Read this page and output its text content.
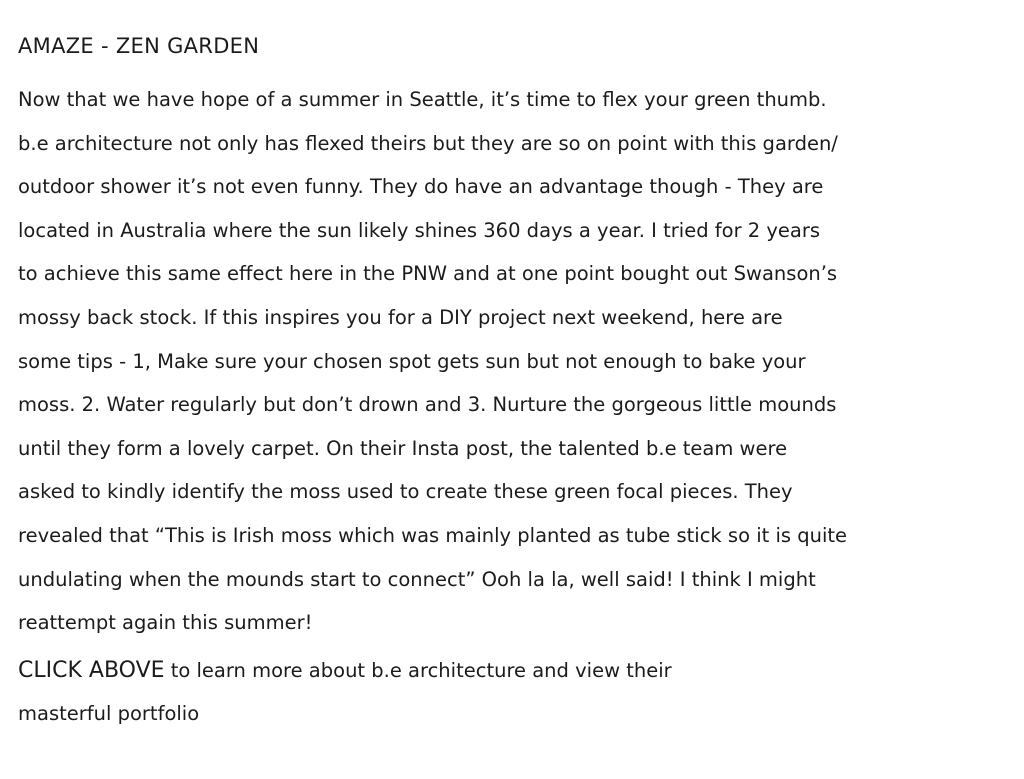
AMAZE - ZEN GARDEN

Now that we have hope of a summer in Seattle, it’s time to flex your green thumb.
b.e architecture not only has flexed theirs but they are so on point with this garden/
outdoor shower it’s not even funny. They do have an advantage though - They are
located in Australia where the sun likely shines 360 days a year. I tried for 2 years
to achieve this same effect here in the PNW and at one point bought out Swanson’s
mossy back stock. If this inspires you for a DIY project next weekend, here are
some tips - 1, Make sure your chosen spot gets sun but not enough to bake your
moss. 2. Water regularly but don’t drown and 3. Nurture the gorgeous little mounds
until they form a lovely carpet. On their Insta post, the talented b.e team were
asked to kindly identify the moss used to create these green focal pieces. They
revealed that “This is Irish moss which was mainly planted as tube stick so it is quite
undulating when the mounds start to connect” Ooh la la, well said! I think I might
reattempt again this summer!

CLICK ABOVE to learn more about b.e architecture and view their
masterful portfolio
